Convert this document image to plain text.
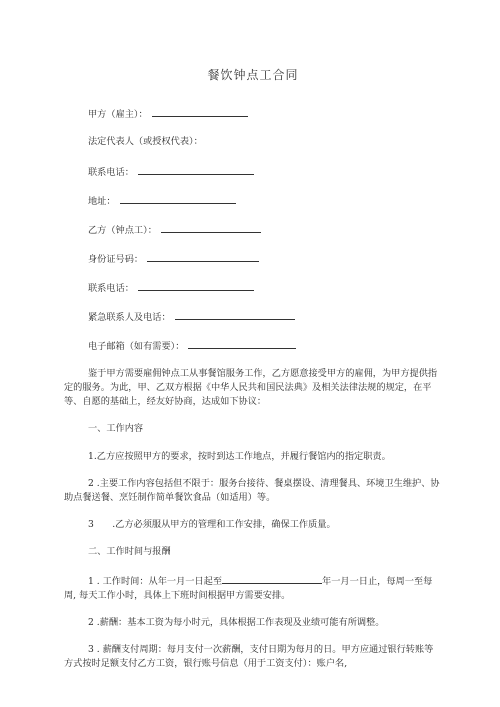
餐饮钟点工合同
甲方（雇主）：
法定代表人（或授权代表）：
联系电话：
地址：
乙方（钟点工）：
身份证号码：
联系电话：
紧急联系人及电话：
电子邮箱（如有需要）：
鉴于甲方需要雇佣钟点工从事餐馆服务工作，乙方愿意接受甲方的雇佣，为甲方提供指定的服务。为此，甲、乙双方根据《中华人民共和国民法典》及相关法律法规的规定，在平等、自愿的基础上，经友好协商，达成如下协议：
一、工作内容
1.乙方应按照甲方的要求，按时到达工作地点，并履行餐馆内的指定职责。
2 .主要工作内容包括但不限于：服务台接待、餐桌摆设、清理餐具、环境卫生维护、协助点餐送餐、烹饪制作简单餐饮食品（如适用）等。
3　　.乙方必须服从甲方的管理和工作安排，确保工作质量。
二、工作时间与报酬
1 . 工作时间：从年一月一日起至	年一月一日止，每周一至每周, 每天工作小时，具体上下班时间根据甲方需要安排。
2 .薪酬：基本工资为每小时元，具体根据工作表现及业绩可能有所调整。
3 . 薪酬支付周期：每月支付一次薪酬，支付日期为每月的日。甲方应通过银行转账等方式按时足额支付乙方工资，银行账号信息（用于工资支付）：账户名,
